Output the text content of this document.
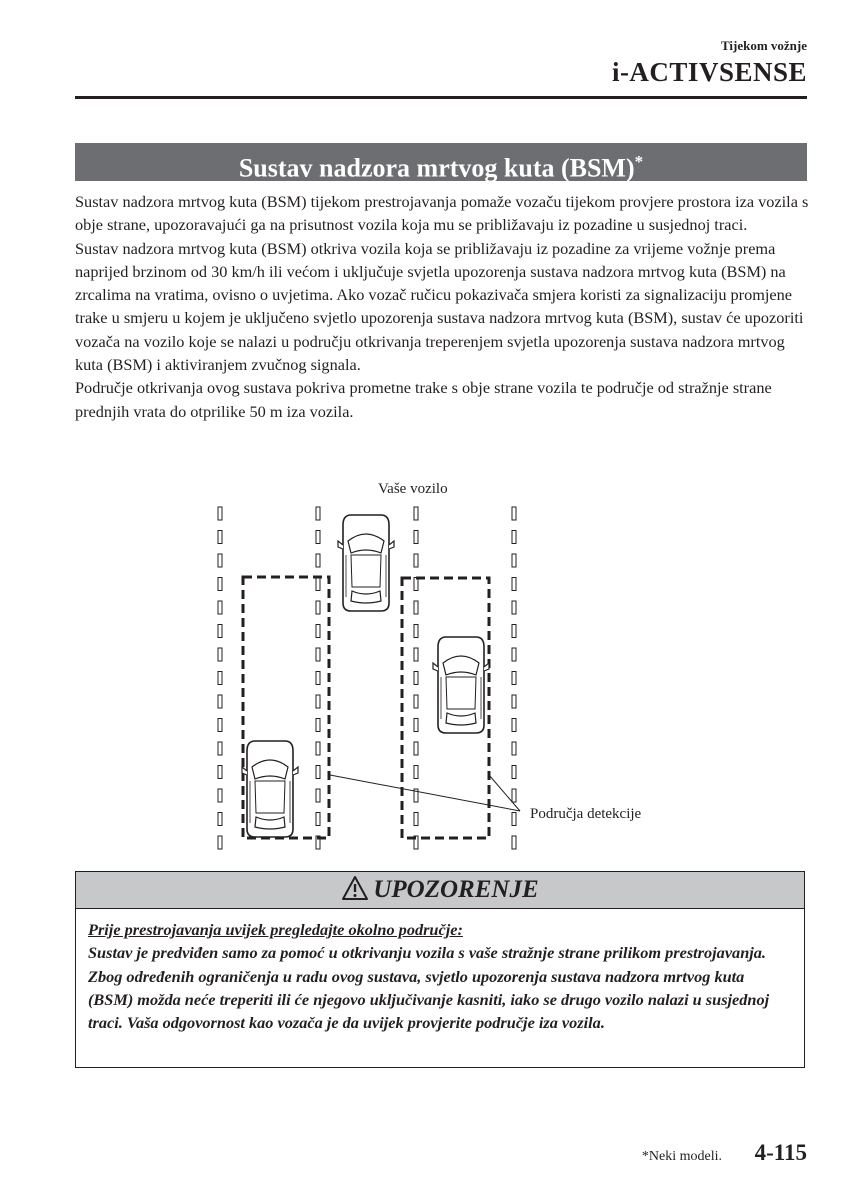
Tijekom vožnje
i-ACTIVSENSE
Sustav nadzora mrtvog kuta (BSM)*

Sustav nadzora mrtvog kuta (BSM) tijekom prestrojavanja pomaže vozaču tijekom provjere prostora iza vozila s obje strane, upozoravajući ga na prisutnost vozila koja mu se približavaju iz pozadine u susjednoj traci.

Sustav nadzora mrtvog kuta (BSM) otkriva vozila koja se približavaju iz pozadine za vrijeme vožnje prema naprijed brzinom od 30 km/h ili većom i uključuje svjetla upozorenja sustava nadzora mrtvog kuta (BSM) na zrcalima na vratima, ovisno o uvjetima. Ako vozač ručicu pokazivača smjera koristi za signalizaciju promjene trake u smjeru u kojem je uključeno svjetlo upozorenja sustava nadzora mrtvog kuta (BSM), sustav će upozoriti vozača na vozilo koje se nalazi u području otkrivanja treperenjem svjetla upozorenja sustava nadzora mrtvog kuta (BSM) i aktiviranjem zvučnog signala.

Područje otkrivanja ovog sustava pokriva prometne trake s obje strane vozila te područje od stražnje strane prednjih vrata do otprilike 50 m iza vozila.

Vaše vozilo
Područja detekcije
UPOZORENJE

Prije prestrojavanja uvijek pregledajte okolno područje:

Sustav je predviđen samo za pomoć u otkrivanju vozila s vaše stražnje strane prilikom prestrojavanja. Zbog određenih ograničenja u radu ovog sustava, svjetlo upozorenja sustava nadzora mrtvog kuta (BSM) možda neće treperiti ili će njegovo uključivanje kasniti, iako se drugo vozilo nalazi u susjednoj traci. Vaša odgovornost kao vozača je da uvijek provjerite područje iza vozila.

*Neki modeli. 4-115
